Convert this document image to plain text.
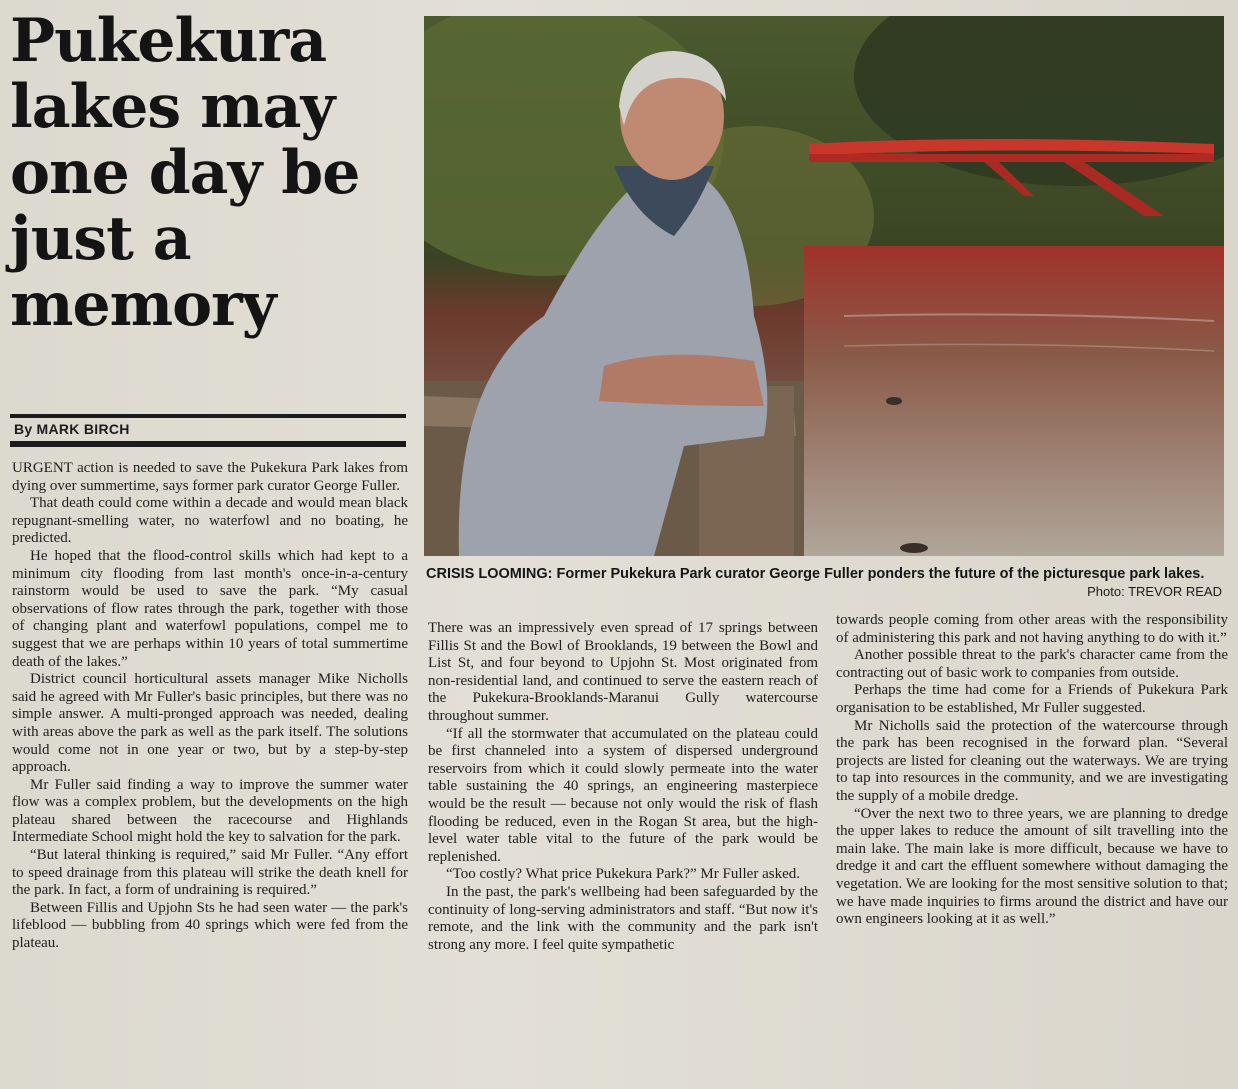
Pukekura lakes may one day be just a memory
By MARK BIRCH
CRISIS LOOMING: Former Pukekura Park curator George Fuller ponders the future of the picturesque park lakes.
Photo: TREVOR READ

URGENT action is needed to save the Pukekura Park lakes from dying over summertime, says former park curator George Fuller.

That death could come within a decade and would mean black repugnant-smelling water, no waterfowl and no boating, he predicted.

He hoped that the flood-control skills which had kept to a minimum city flooding from last month's once-in-a-century rainstorm would be used to save the park. “My casual observations of flow rates through the park, together with those of changing plant and waterfowl populations, compel me to suggest that we are perhaps within 10 years of total summertime death of the lakes.”

District council horticultural assets manager Mike Nicholls said he agreed with Mr Fuller's basic principles, but there was no simple answer. A multi-pronged approach was needed, dealing with areas above the park as well as the park itself. The solutions would come not in one year or two, but by a step-by-step approach.

Mr Fuller said finding a way to improve the summer water flow was a complex problem, but the developments on the high plateau shared between the racecourse and Highlands Intermediate School might hold the key to salvation for the park.

“But lateral thinking is required,” said Mr Fuller. “Any effort to speed drainage from this plateau will strike the death knell for the park. In fact, a form of undraining is required.”

Between Fillis and Upjohn Sts he had seen water — the park's lifeblood — bubbling from 40 springs which were fed from the plateau.

There was an impressively even spread of 17 springs between Fillis St and the Bowl of Brooklands, 19 between the Bowl and List St, and four beyond to Upjohn St. Most originated from non-residential land, and continued to serve the eastern reach of the Pukekura-Brooklands-Maranui Gully watercourse throughout summer.

“If all the stormwater that accumulated on the plateau could be first channeled into a system of dispersed underground reservoirs from which it could slowly permeate into the water table sustaining the 40 springs, an engineering masterpiece would be the result — because not only would the risk of flash flooding be reduced, even in the Rogan St area, but the high-level water table vital to the future of the park would be replenished.

“Too costly? What price Pukekura Park?” Mr Fuller asked.

In the past, the park's wellbeing had been safeguarded by the continuity of long-serving administrators and staff. “But now it's remote, and the link with the community and the park isn't strong any more. I feel quite sympathetic

towards people coming from other areas with the responsibility of administering this park and not having anything to do with it.”

Another possible threat to the park's character came from the contracting out of basic work to companies from outside.

Perhaps the time had come for a Friends of Pukekura Park organisation to be established, Mr Fuller suggested.

Mr Nicholls said the protection of the watercourse through the park has been recognised in the forward plan. “Several projects are listed for cleaning out the waterways. We are trying to tap into resources in the community, and we are investigating the supply of a mobile dredge.

“Over the next two to three years, we are planning to dredge the upper lakes to reduce the amount of silt travelling into the main lake. The main lake is more difficult, because we have to dredge it and cart the effluent somewhere without damaging the vegetation. We are looking for the most sensitive solution to that; we have made inquiries to firms around the district and have our own engineers looking at it as well.”
